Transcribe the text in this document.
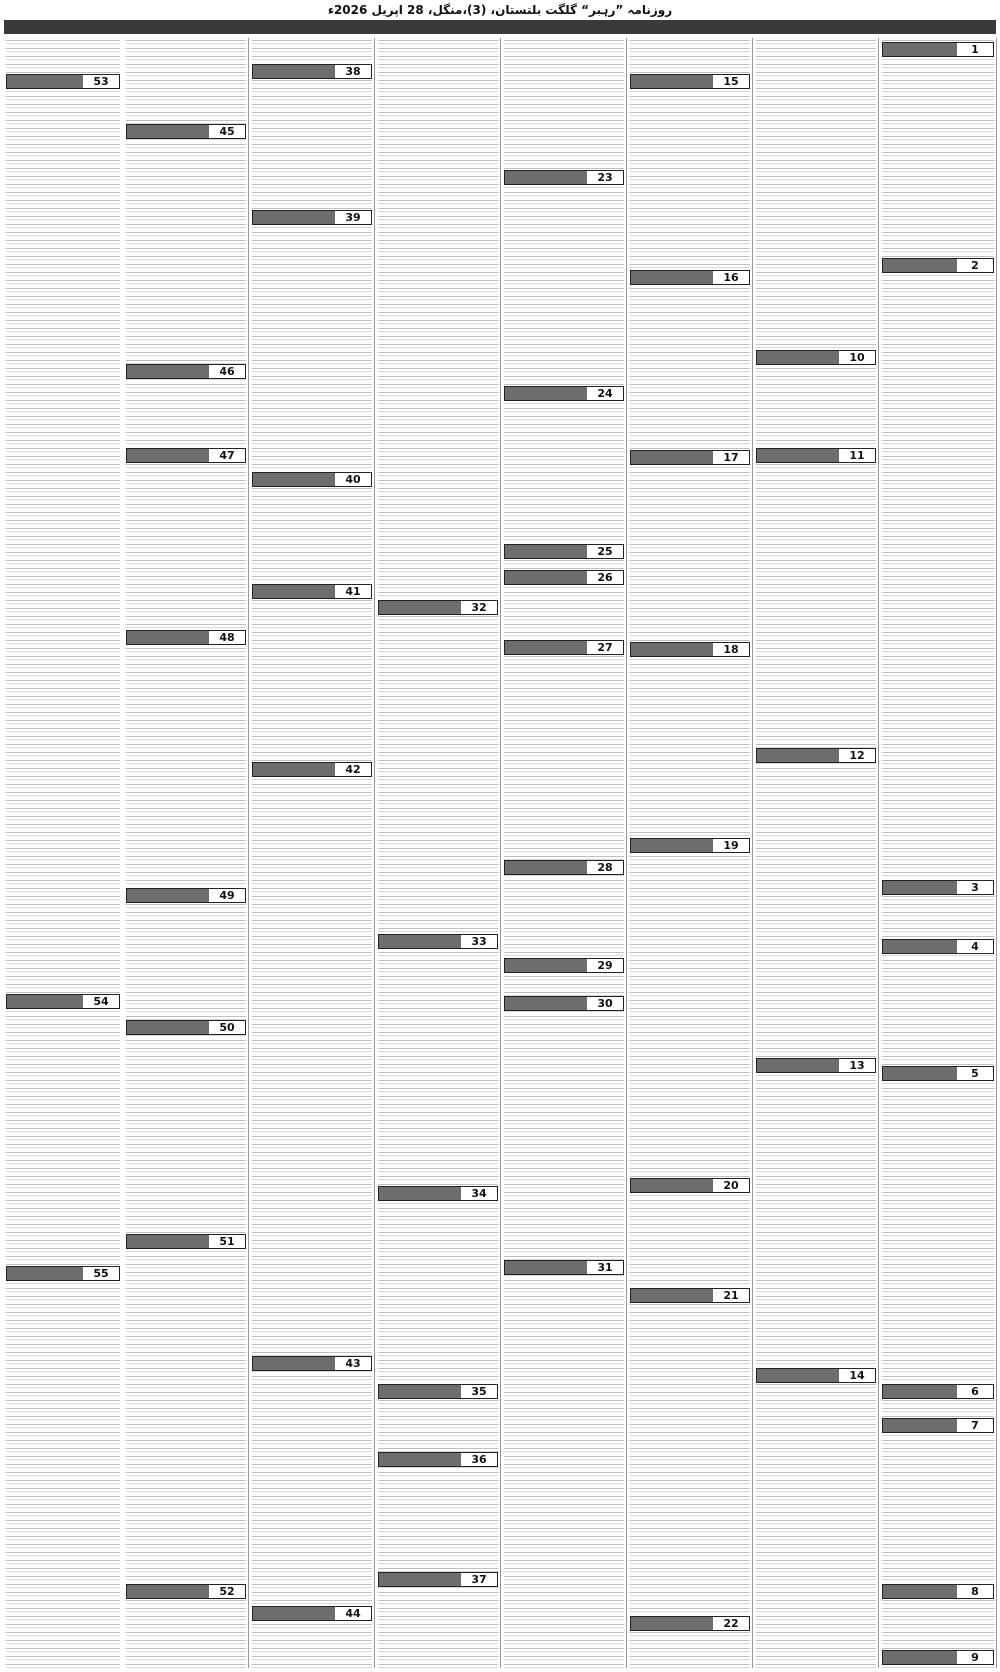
روزنامہ ”رہبر“ گلگت بلتستان، (3)،منگل، 28 اپریل 2026ء
1
2
3
4
5
6
7
8
9
10
11
12
13
14
15
16
17
18
19
20
21
22
23
24
25
26
27
28
29
30
31
32
33
34
35
36
37
38
39
40
41
42
43
44
45
46
47
48
49
50
51
52
53
54
55
